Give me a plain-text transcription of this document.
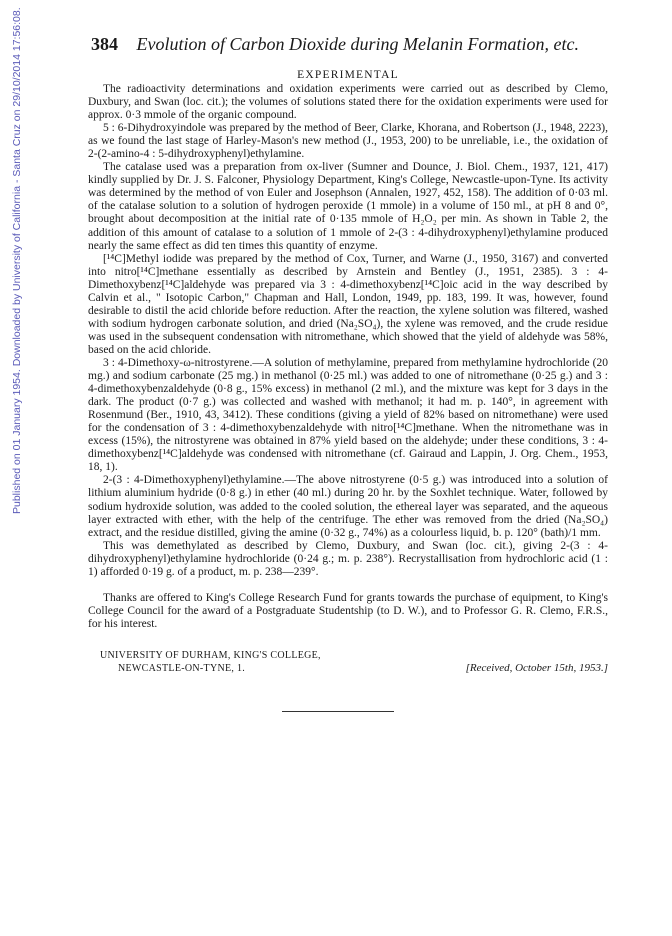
Published on 01 January 1954. Downloaded by University of California - Santa Cruz on 29/10/2014 17:56:08.	384 Evolution of Carbon Dioxide during Melanin Formation, etc.
EXPERIMENTAL

The radioactivity determinations and oxidation experiments were carried out as described by Clemo, Duxbury, and Swan (loc. cit.); the volumes of solutions stated there for the oxidation experiments were used for approx. 0·3 mmole of the organic compound.

5 : 6-Dihydroxyindole was prepared by the method of Beer, Clarke, Khorana, and Robertson (J., 1948, 2223), as we found the last stage of Harley-Mason's new method (J., 1953, 200) to be unreliable, i.e., the oxidation of 2-(2-amino-4 : 5-dihydroxyphenyl)ethylamine.

The catalase used was a preparation from ox-liver (Sumner and Dounce, J. Biol. Chem., 1937, 121, 417) kindly supplied by Dr. J. S. Falconer, Physiology Department, King's College, Newcastle-upon-Tyne. Its activity was determined by the method of von Euler and Josephson (Annalen, 1927, 452, 158). The addition of 0·03 ml. of the catalase solution to a solution of hydrogen peroxide (1 mmole) in a volume of 150 ml., at pH 8 and 0°, brought about decomposition at the initial rate of 0·135 mmole of H₂O₂ per min. As shown in Table 2, the addition of this amount of catalase to a solution of 1 mmole of 2-(3 : 4-dihydroxyphenyl)ethylamine produced nearly the same effect as did ten times this quantity of enzyme.

[¹⁴C]Methyl iodide was prepared by the method of Cox, Turner, and Warne (J., 1950, 3167) and converted into nitro[¹⁴C]methane essentially as described by Arnstein and Bentley (J., 1951, 2385). 3 : 4-Dimethoxybenz[¹⁴C]aldehyde was prepared via 3 : 4-dimethoxybenz[¹⁴C]oic acid in the way described by Calvin et al., " Isotopic Carbon," Chapman and Hall, London, 1949, pp. 183, 199. It was, however, found desirable to distil the acid chloride before reduction. After the reaction, the xylene solution was filtered, washed with sodium hydrogen carbonate solution, and dried (Na₂SO₄), the xylene was removed, and the crude residue was used in the subsequent condensation with nitromethane, which showed that the yield of aldehyde was 58%, based on the acid chloride.

3 : 4-Dimethoxy-ω-nitrostyrene.—A solution of methylamine, prepared from methylamine hydrochloride (20 mg.) and sodium carbonate (25 mg.) in methanol (0·25 ml.) was added to one of nitromethane (0·25 g.) and 3 : 4-dimethoxybenzaldehyde (0·8 g., 15% excess) in methanol (2 ml.), and the mixture was kept for 3 days in the dark. The product (0·7 g.) was collected and washed with methanol; it had m. p. 140°, in agreement with Rosenmund (Ber., 1910, 43, 3412). These conditions (giving a yield of 82% based on nitromethane) were used for the condensation of 3 : 4-dimethoxybenzaldehyde with nitro[¹⁴C]methane. When the nitromethane was in excess (15%), the nitrostyrene was obtained in 87% yield based on the aldehyde; under these conditions, 3 : 4-dimethoxybenz[¹⁴C]aldehyde was condensed with nitromethane (cf. Gairaud and Lappin, J. Org. Chem., 1953, 18, 1).

2-(3 : 4-Dimethoxyphenyl)ethylamine.—The above nitrostyrene (0·5 g.) was introduced into a solution of lithium aluminium hydride (0·8 g.) in ether (40 ml.) during 20 hr. by the Soxhlet technique. Water, followed by sodium hydroxide solution, was added to the cooled solution, the ethereal layer was separated, and the aqueous layer extracted with ether, with the help of the centrifuge. The ether was removed from the dried (Na₂SO₄) extract, and the residue distilled, giving the amine (0·32 g., 74%) as a colourless liquid, b. p. 120° (bath)/1 mm.

This was demethylated as described by Clemo, Duxbury, and Swan (loc. cit.), giving 2-(3 : 4-dihydroxyphenyl)ethylamine hydrochloride (0·24 g.; m. p. 238°). Recrystallisation from hydrochloric acid (1 : 1) afforded 0·19 g. of a product, m. p. 238—239°.

Thanks are offered to King's College Research Fund for grants towards the purchase of equipment, to King's College Council for the award of a Postgraduate Studentship (to D. W.), and to Professor G. R. Clemo, F.R.S., for his interest.

UNIVERSITY OF DURHAM, KING'S COLLEGE,
NEWCASTLE-ON-TYNE, 1.	[Received, October 15th, 1953.]
